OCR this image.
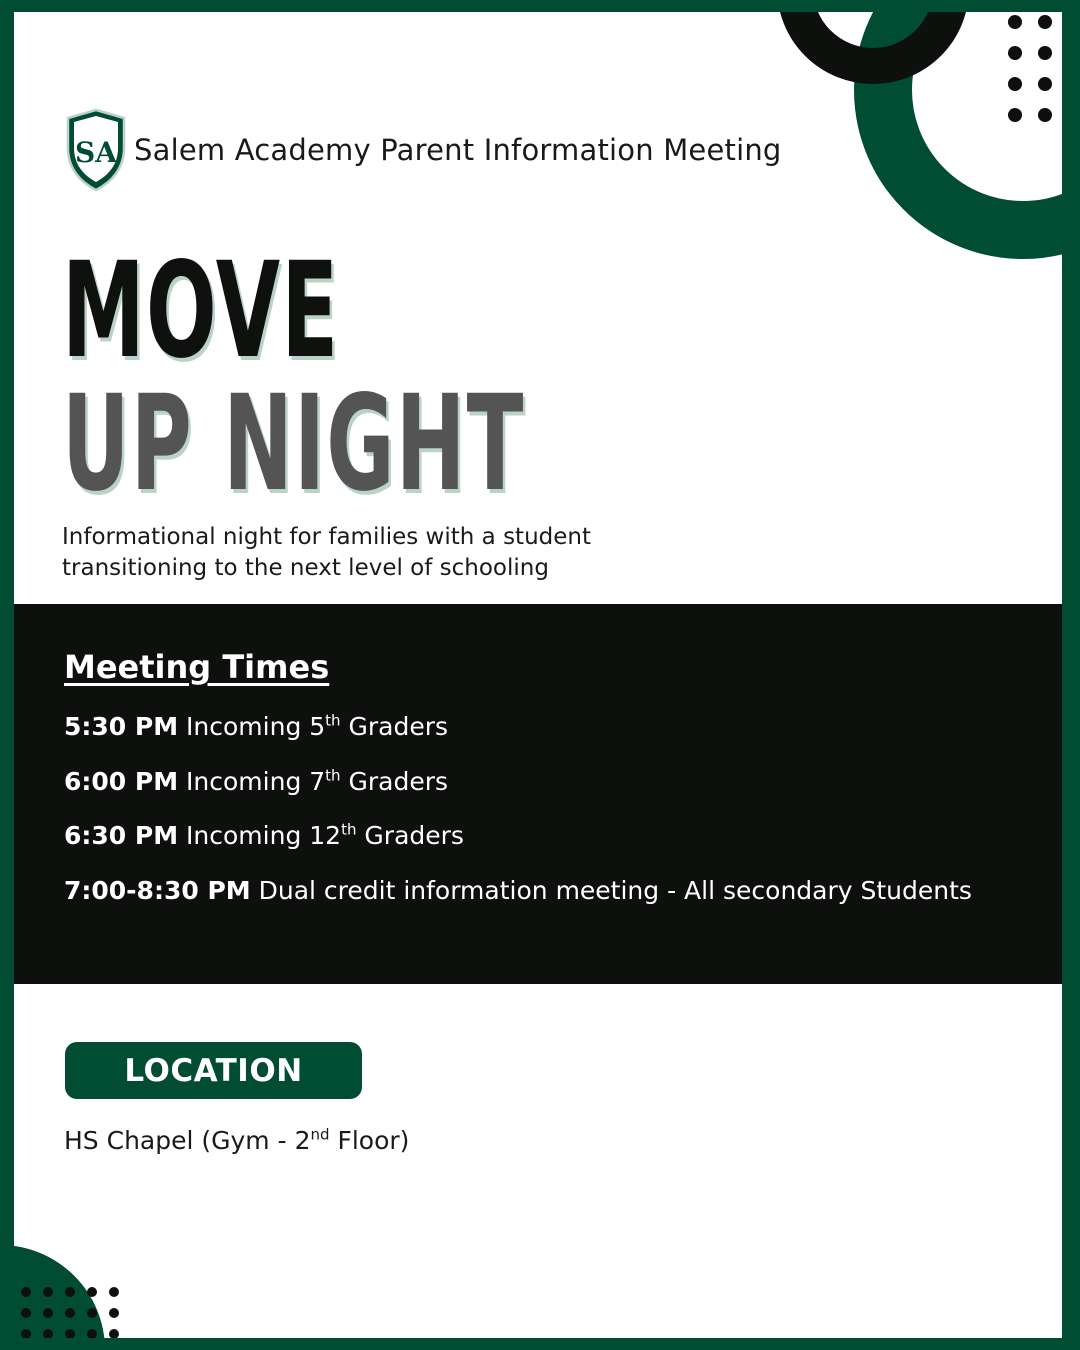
SA Salem Academy Parent Information Meeting
MOVE
UP NIGHT

Informational night for families with a student
transitioning to the next level of schooling

Meeting Times
5:30 PM Incoming 5th Graders
6:00 PM Incoming 7th Graders
6:30 PM Incoming 12th Graders
7:00-8:30 PM Dual credit information meeting - All secondary Students
LOCATION

HS Chapel (Gym - 2nd Floor)
